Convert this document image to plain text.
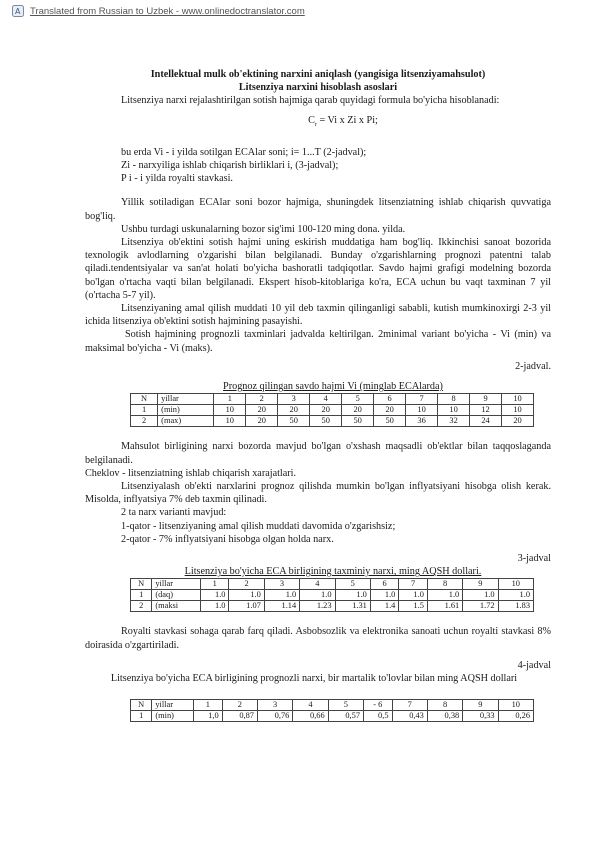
A Translated from Russian to Uzbek - www.onlinedoctranslator.com

Intellektual mulk ob'ektining narxini aniqlash (yangisiga litsenziyamahsulot)

Litsenziya narxini hisoblash asoslari

Litsenziya narxi rejalashtirilgan sotish hajmiga qarab quyidagi formula bo'yicha hisoblanadi:

$C_r = Vi$ x Zi x Pi;

bu erda Vi - i yilda sotilgan ECAlar soni; i= 1...T (2-jadval);

Zi - narxyiliga ishlab chiqarish birliklari i, (3-jadval);

P i - i yilda royalti stavkasi.

Yillik sotiladigan ECAlar soni bozor hajmiga, shuningdek litsenziatning ishlab chiqarish quvvatiga bog'liq.

Ushbu turdagi uskunalarning bozor sig'imi 100-120 ming dona. yilda.

Litsenziya ob'ektini sotish hajmi uning eskirish muddatiga ham bog'liq. Ikkinchisi sanoat bozorida texnologik avlodlarning o'zgarishi bilan belgilanadi. Bunday o'zgarishlarning prognozi patentni talab qiladi.tendentsiyalar va san'at holati bo'yicha bashoratli tadqiqotlar. Savdo hajmi grafigi modelning bozorda bo'lgan o'rtacha vaqti bilan belgilanadi. Ekspert hisob-kitoblariga ko'ra, ECA uchun bu vaqt taxminan 7 yil (o'rtacha 5-7 yil).

Litsenziyaning amal qilish muddati 10 yil deb taxmin qilinganligi sababli, kutish mumkinoxirgi 2-3 yil ichida litsenziya ob'ektini sotish hajmining pasayishi.

Sotish hajmining prognozli taxminlari jadvalda keltirilgan. 2minimal variant bo'yicha - Vi (min) va maksimal bo'yicha - Vi (maks).

2-jadval.

Prognoz qilingan savdo hajmi Vi (minglab ECAlarda)

N	yillar	1	2	3	4	5	6	7	8	9	10
1	(min)	10	20	20	20	20	20	10	10	12	10
2	(max)	10	20	50	50	50	50	36	32	24	20

Mahsulot birligining narxi bozorda mavjud bo'lgan o'xshash maqsadli ob'ektlar bilan taqqoslaganda belgilanadi.

Cheklov - litsenziatning ishlab chiqarish xarajatlari.

Litsenziyalash ob'ekti narxlarini prognoz qilishda mumkin bo'lgan inflyatsiyani hisobga olish kerak. Misolda, inflyatsiya 7% deb taxmin qilinadi.

2 ta narx varianti mavjud:

1-qator - litsenziyaning amal qilish muddati davomida o'zgarishsiz;

2-qator - 7% inflyatsiyani hisobga olgan holda narx.

3-jadval

Litsenziya bo'yicha ECA birligining taxminiy narxi, ming AQSH dollari.

N	yillar	1	2	3	4	5	6	7	8	9	10
1	(daq)	1.0	1.0	1.0	1.0	1.0	1.0	1.0	1.0	1.0	1.0
2	(maksi	1.0	1.07	1.14	1.23	1.31	1.4	1.5	1.61	1.72	1.83

Royalti stavkasi sohaga qarab farq qiladi. Asbobsozlik va elektronika sanoati uchun royalti stavkasi 8% doirasida o'zgartiriladi.

4-jadval

Litsenziya bo'yicha ECA birligining prognozli narxi, bir martalik to'lovlar bilan ming AQSH dollari

N	yillar	1	2	3	4	5	- 6	7	8	9	10
1	(min)	1,0	0,87	0,76	0,66	0,57	0,5	0,43	0,38	0,33	0,26
